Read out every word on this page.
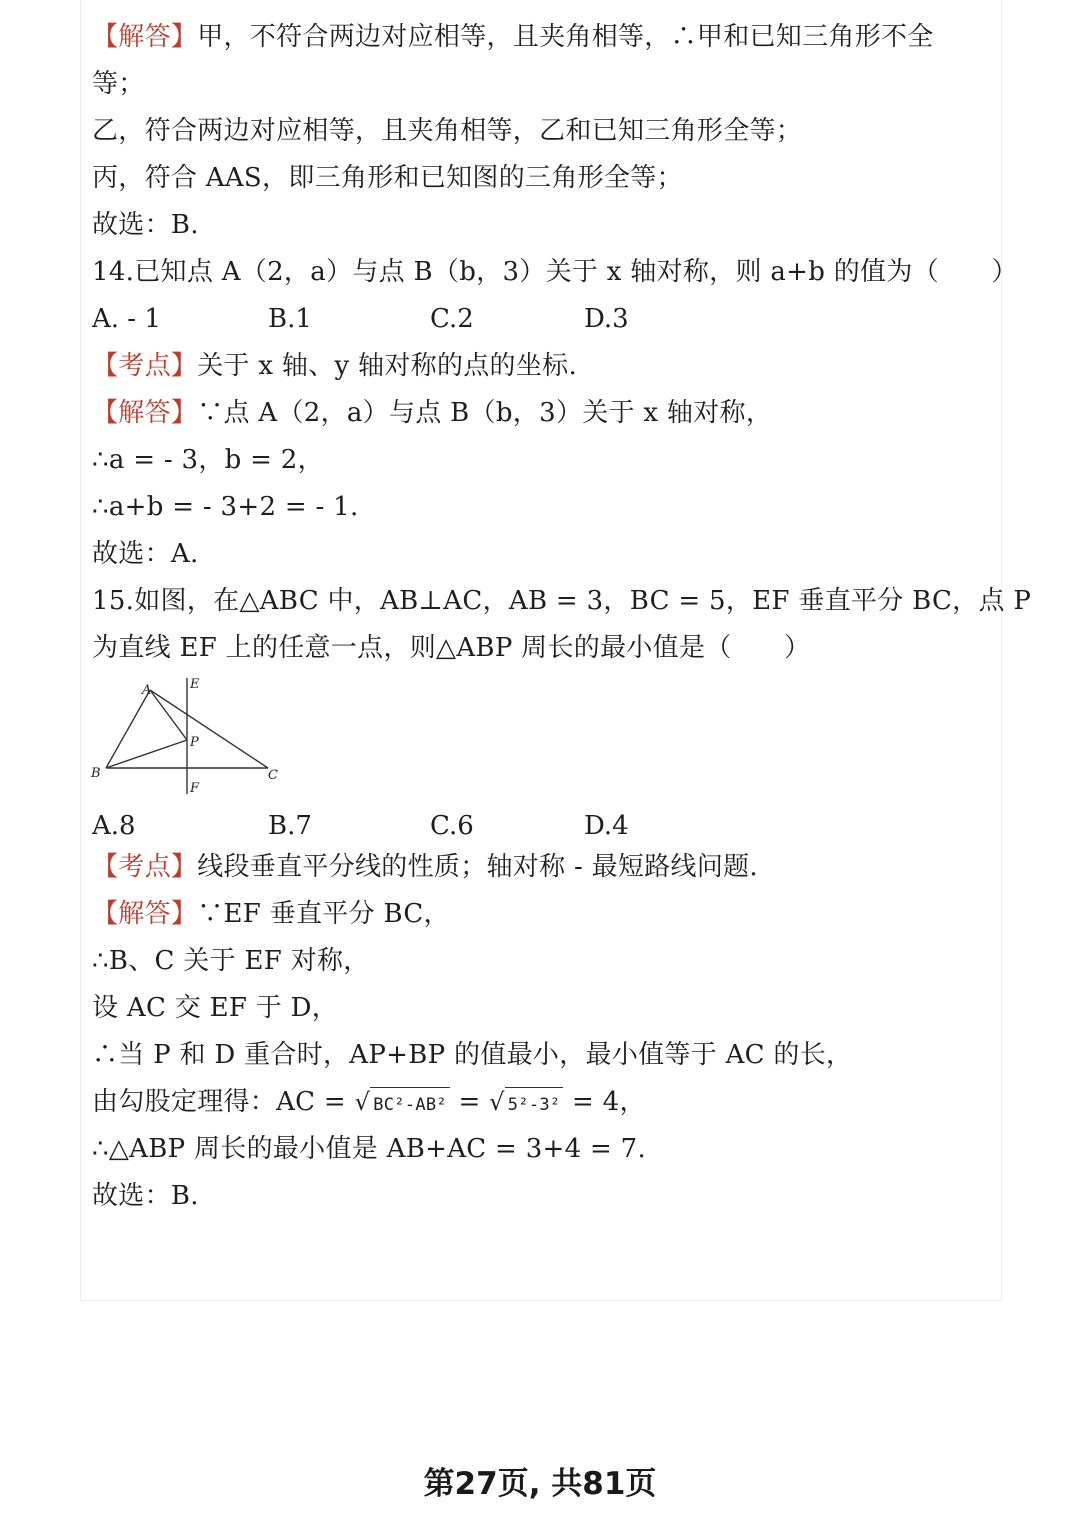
【解答】甲，不符合两边对应相等，且夹角相等，∴甲和已知三角形不全
等；
乙，符合两边对应相等，且夹角相等，乙和已知三角形全等；
丙，符合 AAS，即三角形和已知图的三角形全等；
故选：B.
14.已知点 A（2，a）与点 B（b，3）关于 x 轴对称，则 a+b 的值为（　　）
A. - 1	B.1	C.2	D.3
【考点】关于 x 轴、y 轴对称的点的坐标.
【解答】∵点 A（2，a）与点 B（b，3）关于 x 轴对称，
∴a = - 3，b = 2，
∴a+b = - 3+2 = - 1.
故选：A.
15.如图，在△ABC 中，AB⊥AC，AB = 3，BC = 5，EF 垂直平分 BC，点 P
为直线 EF 上的任意一点，则△ABP 周长的最小值是（　　）
A
B	C
E
F
P
A.8	B.7	C.6	D.4
【考点】线段垂直平分线的性质；轴对称 - 最短路线问题.
【解答】∵EF 垂直平分 BC，
∴B、C 关于 EF 对称，
设 AC 交 EF 于 D，
∴当 P 和 D 重合时，AP+BP 的值最小，最小值等于 AC 的长，
由勾股定理得：AC = √ BC²-AB² = √ 5²-3² = 4，
∴△ABP 周长的最小值是 AB+AC = 3+4 = 7.
故选：B.
第27页, 共81页
